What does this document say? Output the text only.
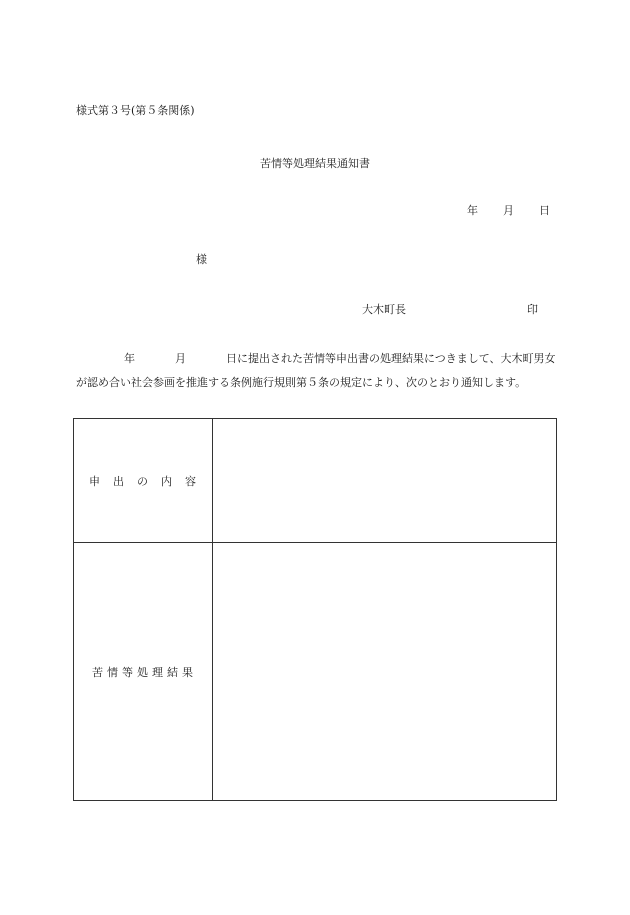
様式第３号(第５条関係)
苦情等処理結果通知書
年 月 日
様
大木町長	印
年	月	日に提出された苦情等申出書の処理結果につきまして、大木町男女が認め合い社会参画を推進する条例施行規則第５条の規定により、次のとおり通知します。
申 出 の 内 容	
苦 情 等 処 理 結 果	
